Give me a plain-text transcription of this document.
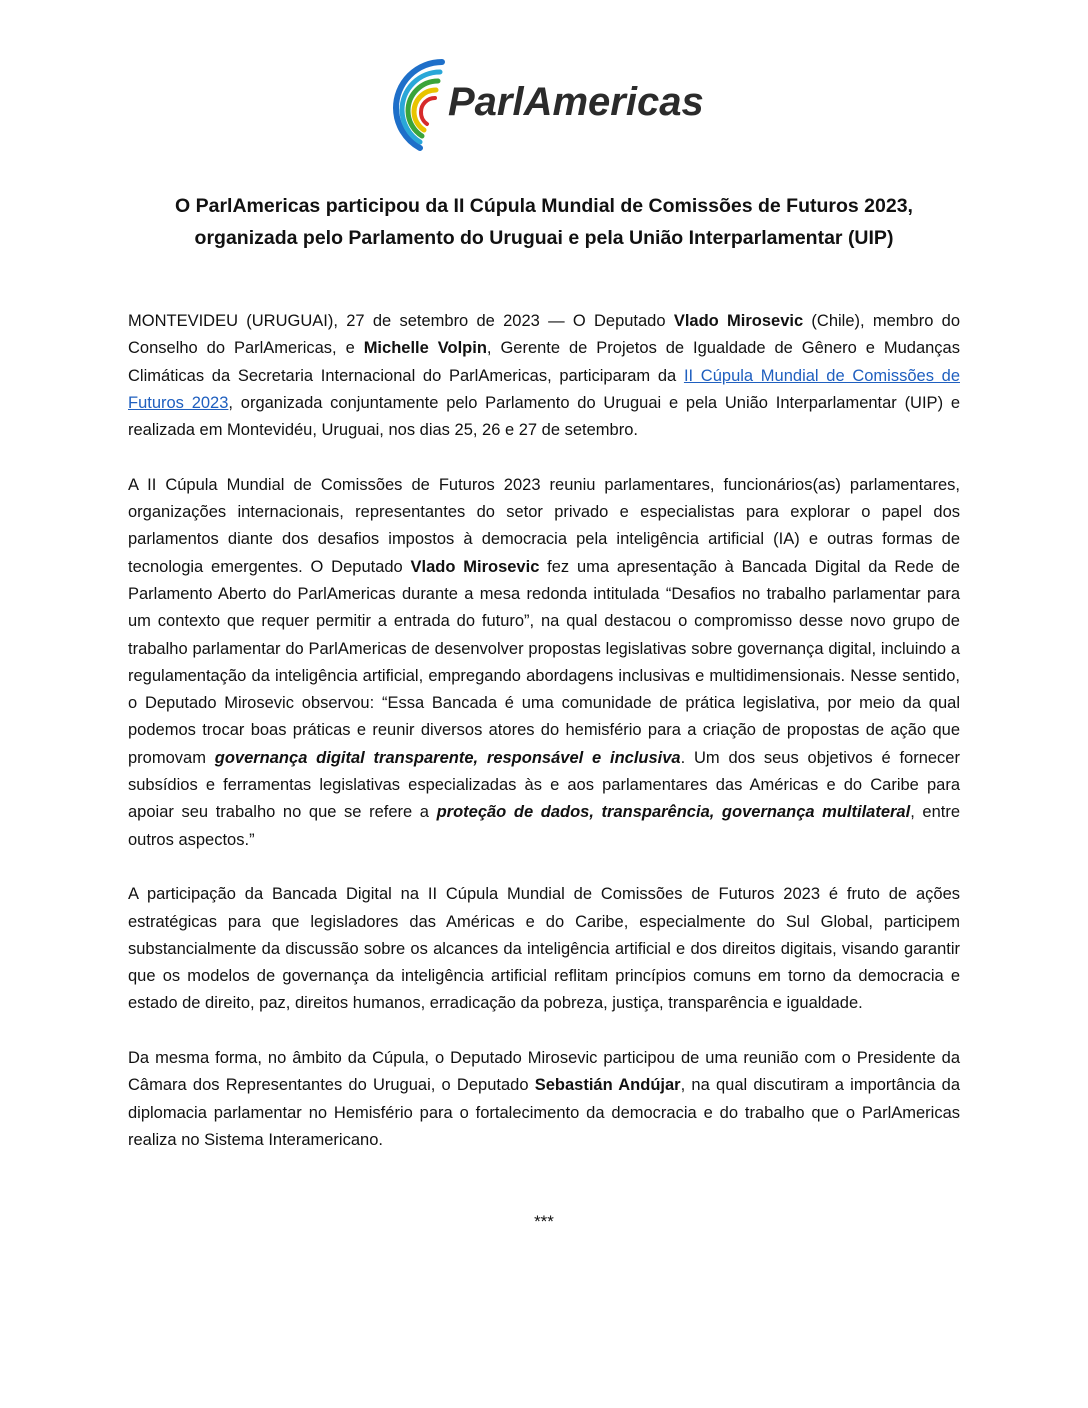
ParlAmericas
O ParlAmericas participou da II Cúpula Mundial de Comissões de Futuros 2023,
organizada pelo Parlamento do Uruguai e pela União Interparlamentar (UIP)

MONTEVIDEU (URUGUAI), 27 de setembro de 2023 — O Deputado Vlado Mirosevic (Chile), membro do Conselho do ParlAmericas, e Michelle Volpin, Gerente de Projetos de Igualdade de Gênero e Mudanças Climáticas da Secretaria Internacional do ParlAmericas, participaram da II Cúpula Mundial de Comissões de Futuros 2023, organizada conjuntamente pelo Parlamento do Uruguai e pela União Interparlamentar (UIP) e realizada em Montevidéu, Uruguai, nos dias 25, 26 e 27 de setembro.

A II Cúpula Mundial de Comissões de Futuros 2023 reuniu parlamentares, funcionários(as) parlamentares, organizações internacionais, representantes do setor privado e especialistas para explorar o papel dos parlamentos diante dos desafios impostos à democracia pela inteligência artificial (IA) e outras formas de tecnologia emergentes. O Deputado Vlado Mirosevic fez uma apresentação à Bancada Digital da Rede de Parlamento Aberto do ParlAmericas durante a mesa redonda intitulada “Desafios no trabalho parlamentar para um contexto que requer permitir a entrada do futuro”, na qual destacou o compromisso desse novo grupo de trabalho parlamentar do ParlAmericas de desenvolver propostas legislativas sobre governança digital, incluindo a regulamentação da inteligência artificial, empregando abordagens inclusivas e multidimensionais. Nesse sentido, o Deputado Mirosevic observou: “Essa Bancada é uma comunidade de prática legislativa, por meio da qual podemos trocar boas práticas e reunir diversos atores do hemisfério para a criação de propostas de ação que promovam governança digital transparente, responsável e inclusiva. Um dos seus objetivos é fornecer subsídios e ferramentas legislativas especializadas às e aos parlamentares das Américas e do Caribe para apoiar seu trabalho no que se refere a proteção de dados, transparência, governança multilateral, entre outros aspectos.”

A participação da Bancada Digital na II Cúpula Mundial de Comissões de Futuros 2023 é fruto de ações estratégicas para que legisladores das Américas e do Caribe, especialmente do Sul Global, participem substancialmente da discussão sobre os alcances da inteligência artificial e dos direitos digitais, visando garantir que os modelos de governança da inteligência artificial reflitam princípios comuns em torno da democracia e estado de direito, paz, direitos humanos, erradicação da pobreza, justiça, transparência e igualdade.

Da mesma forma, no âmbito da Cúpula, o Deputado Mirosevic participou de uma reunião com o Presidente da Câmara dos Representantes do Uruguai, o Deputado Sebastián Andújar, na qual discutiram a importância da diplomacia parlamentar no Hemisfério para o fortalecimento da democracia e do trabalho que o ParlAmericas realiza no Sistema Interamericano.

***
